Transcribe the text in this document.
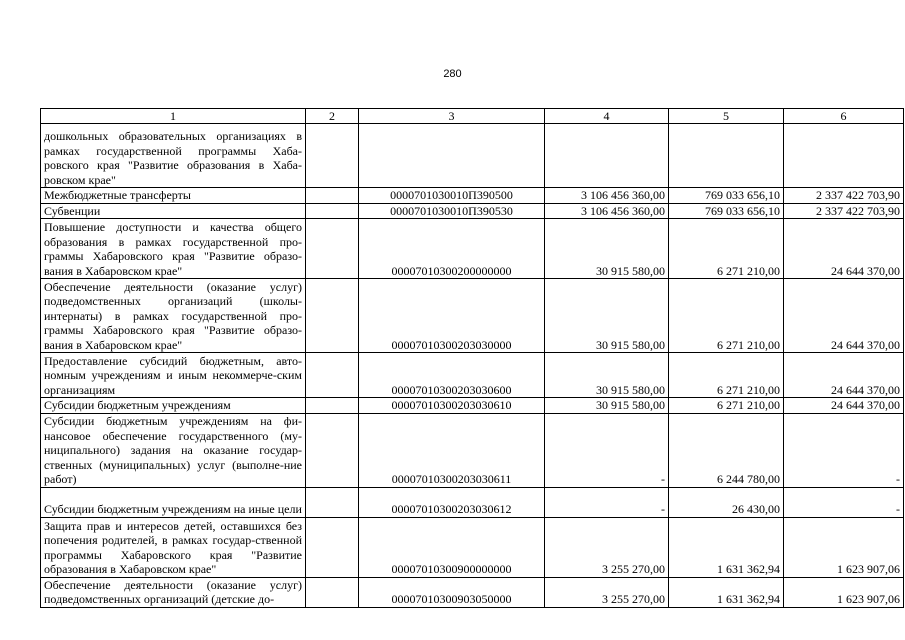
280
1	2	3	4	5	6
дошкольных образовательных организациях в рамках государственной программы Хаба-ровского края "Развитие образования в Хаба-ровском крае"					
Межбюджетные трансферты		0000701030010П390500	3 106 456 360,00	769 033 656,10	2 337 422 703,90
Субвенции		0000701030010П390530	3 106 456 360,00	769 033 656,10	2 337 422 703,90
Повышение доступности и качества общего образования в рамках государственной про-граммы Хабаровского края "Развитие образо-вания в Хабаровском крае"		00007010300200000000	30 915 580,00	6 271 210,00	24 644 370,00
Обеспечение деятельности (оказание услуг) подведомственных организаций (школы-интернаты) в рамках государственной про-граммы Хабаровского края "Развитие образо-вания в Хабаровском крае"		00007010300203030000	30 915 580,00	6 271 210,00	24 644 370,00
Предоставление субсидий бюджетным, авто-номным учреждениям и иным некоммерче-ским организациям		00007010300203030600	30 915 580,00	6 271 210,00	24 644 370,00
Субсидии бюджетным учреждениям		00007010300203030610	30 915 580,00	6 271 210,00	24 644 370,00
Субсидии бюджетным учреждениям на фи-нансовое обеспечение государственного (му-ниципального) задания на оказание государ-ственных (муниципальных) услуг (выполне-ние работ)		00007010300203030611	-	6 244 780,00	-
Субсидии бюджетным учреждениям на иные цели		00007010300203030612	-	26 430,00	-
Защита прав и интересов детей, оставшихся без попечения родителей, в рамках государ-ственной программы Хабаровского края "Развитие образования в Хабаровском крае"		00007010300900000000	3 255 270,00	1 631 362,94	1 623 907,06
Обеспечение деятельности (оказание услуг) подведомственных организаций (детские до-		00007010300903050000	3 255 270,00	1 631 362,94	1 623 907,06
